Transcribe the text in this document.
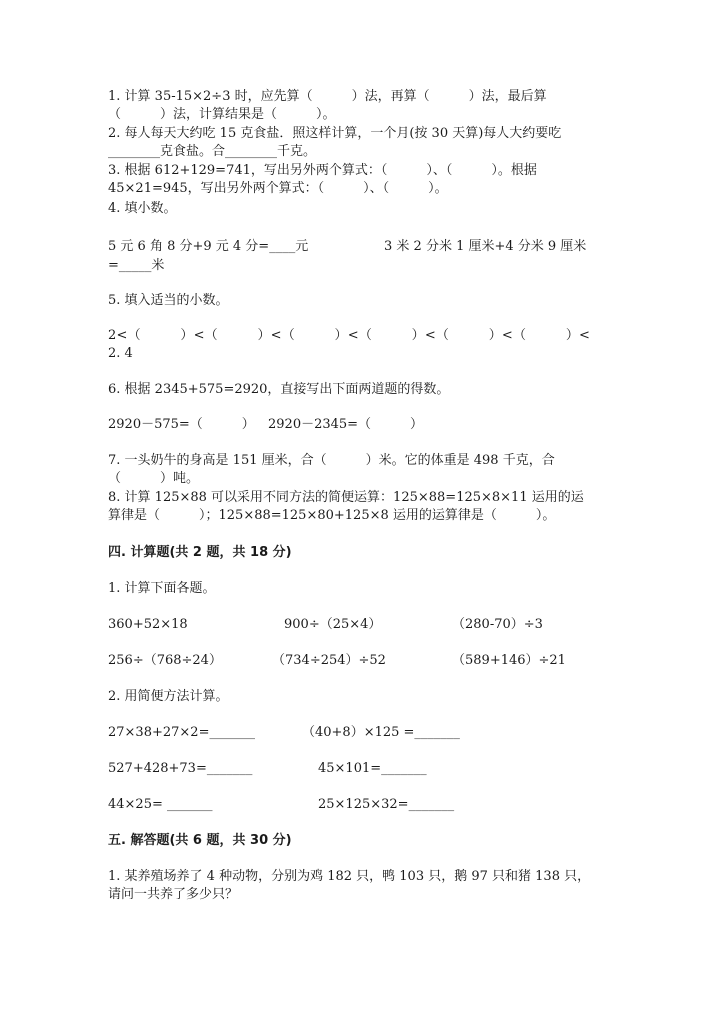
1. 计算 35-15×2÷3 时，应先算（　　　）法，再算（　　　）法，最后算
（　　　）法，计算结果是（　　　）。
2. 每人每天大约吃 15 克食盐．照这样计算，一个月(按 30 天算)每人大约要吃
________克食盐。合________千克。
3. 根据 612+129=741，写出另外两个算式：（　　　）、（　　　）。根据
45×21=945，写出另外两个算式：（　　　）、（　　　）。
4. 填小数。
5 元 6 角 8 分+9 元 4 分=____元	3 米 2 分米 1 厘米+4 分米 9 厘米
=_____米
5. 填入适当的小数。
2<（　　　）<（　　　）<（　　　）<（　　　）<（　　　）<（　　　）<
2. 4
6. 根据 2345+575=2920，直接写出下面两道题的得数。
2920－575=（　　　） 2920－2345=（　　　）
7. 一头奶牛的身高是 151 厘米，合（　　　）米。它的体重是 498 千克，合
（　　　）吨。
8. 计算 125×88 可以采用不同方法的简便运算：125×88=125×8×11 运用的运
算律是（　　　）；125×88=125×80+125×8 运用的运算律是（　　　）。
四. 计算题(共 2 题，共 18 分)
1. 计算下面各题。
360+52×18	900÷（25×4）	（280-70）÷3
256÷（768÷24）	（734÷254）÷52	（589+146）÷21
2. 用简便方法计算。
27×38+27×2=_______	（40+8）×125 =_______
527+428+73=_______	45×101=_______
44×25= _______	25×125×32=_______
五. 解答题(共 6 题，共 30 分)
1. 某养殖场养了 4 种动物，分别为鸡 182 只，鸭 103 只，鹅 97 只和猪 138 只，
请问一共养了多少只？
